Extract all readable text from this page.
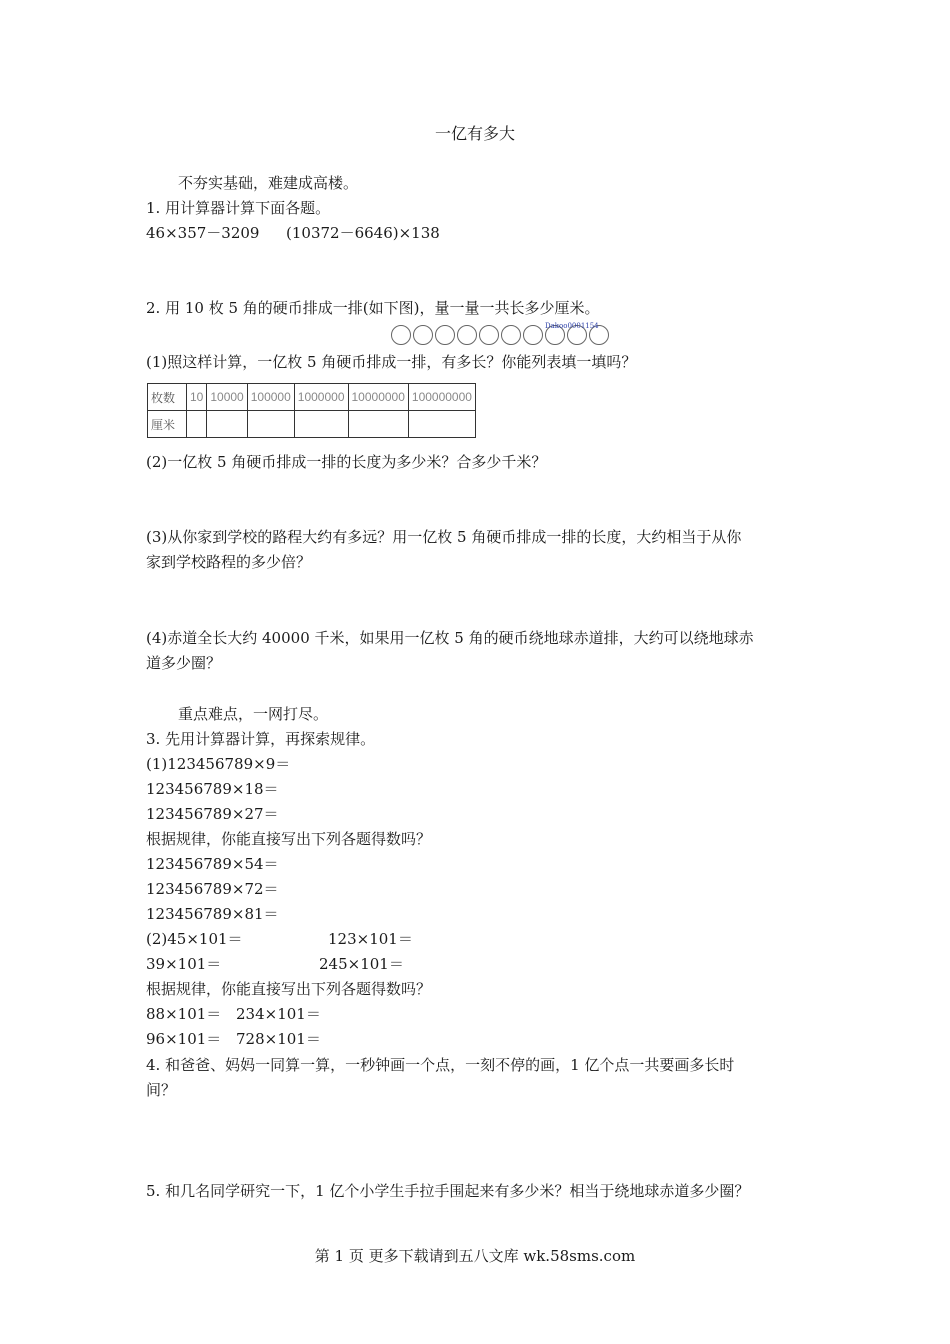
一亿有多大
不夯实基础，难建成高楼。
1. 用计算器计算下面各题。
46×357－3209 (10372－6646)×138
2. 用 10 枚 5 角的硬币排成一排(如下图)，量一量一共长多少厘米。
Dakoo0001154
(1)照这样计算，一亿枚 5 角硬币排成一排，有多长？你能列表填一填吗？
枚数	10	10000	100000	1000000	10000000	100000000
厘米						
(2)一亿枚 5 角硬币排成一排的长度为多少米？合多少千米？
(3)从你家到学校的路程大约有多远？用一亿枚 5 角硬币排成一排的长度，大约相当于从你
家到学校路程的多少倍？
(4)赤道全长大约 40000 千米，如果用一亿枚 5 角的硬币绕地球赤道排，大约可以绕地球赤
道多少圈？
重点难点，一网打尽。
3. 先用计算器计算，再探索规律。
(1)123456789×9＝
123456789×18＝
123456789×27＝
根据规律，你能直接写出下列各题得数吗？
123456789×54＝
123456789×72＝
123456789×81＝
(2)45×101＝	123×101＝
39×101＝	245×101＝
根据规律，你能直接写出下列各题得数吗？
88×101＝ 234×101＝
96×101＝ 728×101＝
4. 和爸爸、妈妈一同算一算，一秒钟画一个点，一刻不停的画，1 亿个点一共要画多长时
间？
5. 和几名同学研究一下，1 亿个小学生手拉手围起来有多少米？相当于绕地球赤道多少圈？
第 1 页 更多下载请到五八文库 wk.58sms.com
